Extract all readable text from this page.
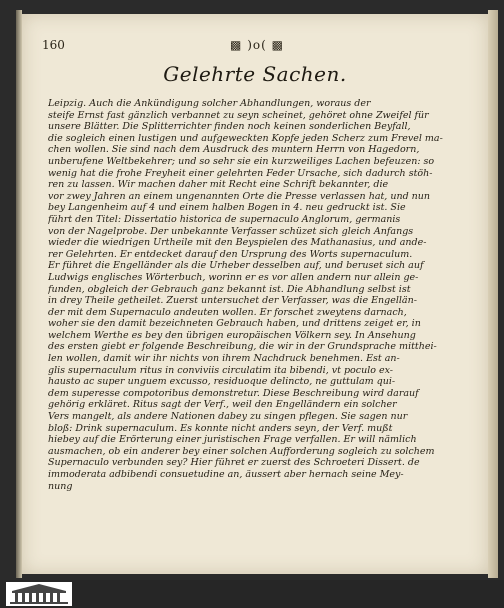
160	▩ )o( ▩
Gelehrte Sachen.
Leipzig. Auch die Ankündigung solcher Abhandlungen, woraus der
steife Ernst fast gänzlich verbannet zu seyn scheinet, gehöret ohne Zweifel für
unsere Blätter. Die Splitterrichter finden noch keinen sonderlichen Beyfall,
die sogleich einen lustigen und aufgeweckten Kopfe jeden Scherz zum Frevel ma-
chen wollen. Sie sind nach dem Ausdruck des muntern Herrn von Hagedorn,
unberufene Weltbekehrer; und so sehr sie ein kurzweiliges Lachen befeuzen: so
wenig hat die frohe Freyheit einer gelehrten Feder Ursache, sich dadurch stöh-
ren zu lassen. Wir machen daher mit Recht eine Schrift bekannter, die
vor zwey Jahren an einem ungenannten Orte die Presse verlassen hat, und nun
bey Langenheim auf 4 und einem halben Bogen in 4. neu gedruckt ist. Sie
führt den Titel: Dissertatio historica de supernaculo Anglorum, germanis
von der Nagelprobe. Der unbekannte Verfasser schüzet sich gleich Anfangs
wieder die wiedrigen Urtheile mit den Beyspielen des Mathanasius, und ande-
rer Gelehrten. Er entdecket darauf den Ursprung des Worts supernaculum.
Er führet die Engelländer als die Urheber desselben auf, und beruset sich auf
Ludwigs englisches Wörterbuch, worinn er es vor allen andern nur allein ge-
funden, obgleich der Gebrauch ganz bekannt ist. Die Abhandlung selbst ist
in drey Theile getheilet. Zuerst untersuchet der Verfasser, was die Engellän-
der mit dem Supernaculo andeuten wollen. Er forschet zweytens darnach,
woher sie den damit bezeichneten Gebrauch haben, und drittens zeiget er, in
welchem Werthe es bey den übrigen europäischen Völkern sey. In Ansehung
des ersten giebt er folgende Beschreibung, die wir in der Grundsprache mitthei-
len wollen, damit wir ihr nichts von ihrem Nachdruck benehmen. Est an-
glis supernaculum ritus in conviviis circulatim ita bibendi, vt poculo ex-
hausto ac super unguem excusso, residuoque delincto, ne guttulam qui-
dem superesse compotoribus demonstretur. Diese Beschreibung wird darauf
gehörig erkläret. Ritus sagt der Verf., weil den Engelländern ein solcher
Vers mangelt, als andere Nationen dabey zu singen pflegen. Sie sagen nur
bloß: Drink supernaculum. Es konnte nicht anders seyn, der Verf. mußt
hiebey auf die Erörterung einer juristischen Frage verfallen. Er will nämlich
ausmachen, ob ein anderer bey einer solchen Aufforderung sogleich zu solchem
Supernaculo verbunden sey? Hier führet er zuerst des Schroeteri Dissert. de
immoderata adbibendi consuetudine an, äussert aber hernach seine Mey-
nung
